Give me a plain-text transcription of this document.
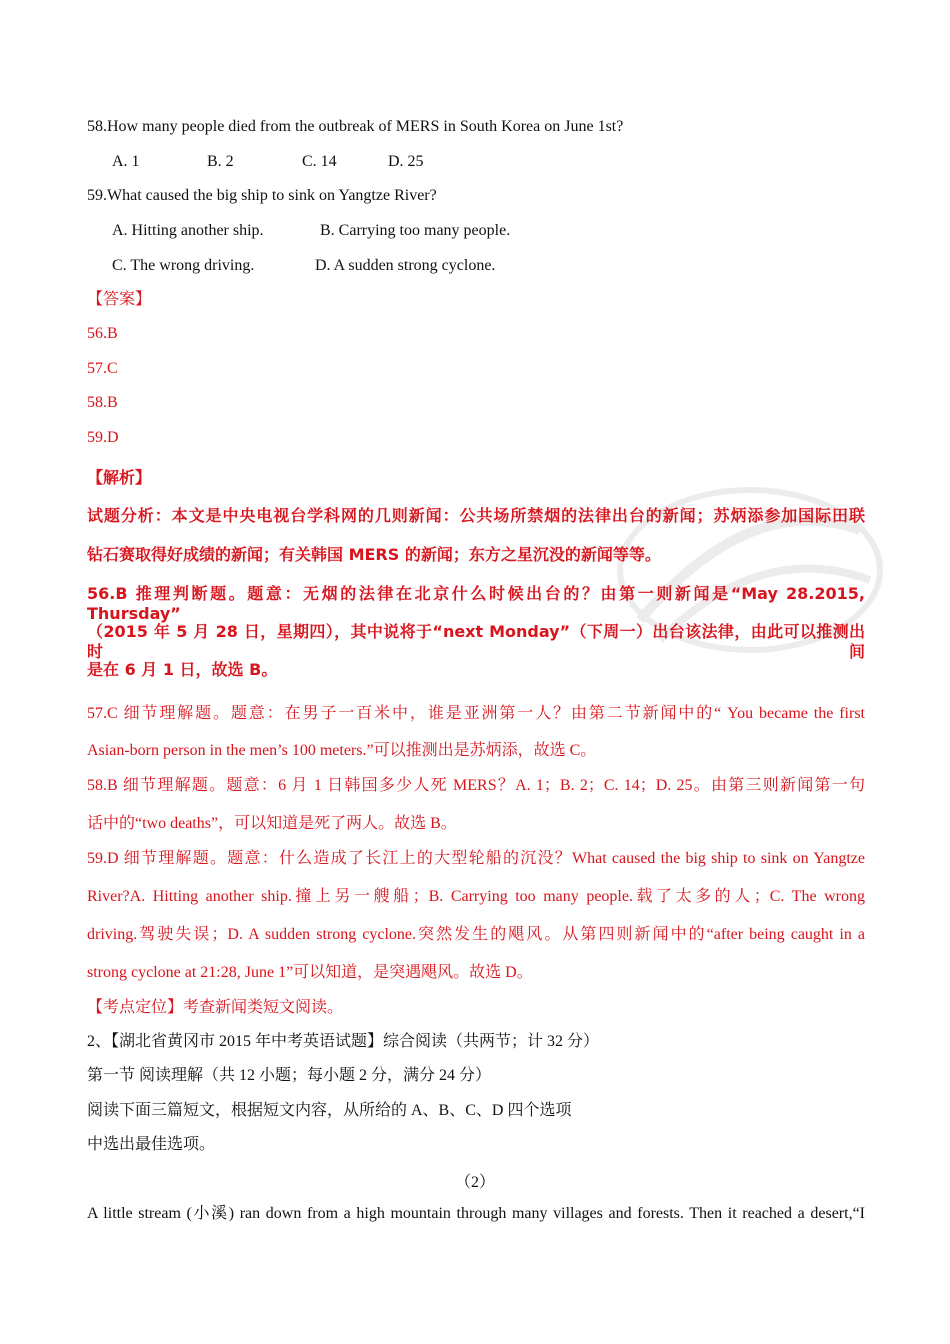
58.How many people died from the outbreak of MERS in South Korea on June 1st?
A. 1	B. 2	C. 14	D. 25
59.What caused the big ship to sink on Yangtze River?
A. Hitting another ship.	B. Carrying too many people.
C. The wrong driving.	D. A sudden strong cyclone.
【答案】
56.B
57.C
58.B
59.D
【解析】
试题分析：本文是中央电视台学科网的几则新闻：公共场所禁烟的法律出台的新闻；苏炳添参加国际田联
钻石赛取得好成绩的新闻；有关韩国 MERS 的新闻；东方之星沉没的新闻等等。
56.B 推理判断题。题意：无烟的法律在北京什么时候出台的？由第一则新闻是“May 28.2015, Thursday”
（2015 年 5 月 28 日，星期四），其中说将于“next Monday”（下周一）出台该法律，由此可以推测出时间
是在 6 月 1 日，故选 B。
57.C 细节理解题。题意：在男子一百米中，谁是亚洲第一人？由第二节新闻中的“ You became the first
Asian-born person in the men’s 100 meters.”可以推测出是苏炳添，故选 C。
58.B 细节理解题。题意：6 月 1 日韩国多少人死 MERS？A. 1；B. 2；C. 14；D. 25。由第三则新闻第一句
话中的“two deaths”，可以知道是死了两人。故选 B。
59.D 细节理解题。题意：什么造成了长江上的大型轮船的沉没？What caused the big ship to sink on Yangtze
River?A. Hitting another ship.撞上另一艘船；B. Carrying too many people.载了太多的人；C. The wrong
driving.驾驶失误；D. A sudden strong cyclone.突然发生的飓风。从第四则新闻中的“after being caught in a
strong cyclone at 21:28, June 1”可以知道，是突遇飓风。故选 D。
【考点定位】考查新闻类短文阅读。
2、【湖北省黄冈市 2015 年中考英语试题】综合阅读（共两节；计 32 分）
第一节 阅读理解（共 12 小题；每小题 2 分，满分 24 分）
阅读下面三篇短文，根据短文内容，从所给的 A、B、C、D 四个选项
中选出最佳选项。
（2）
A little stream (小溪) ran down from a high mountain through many villages and forests. Then it reached a desert,“I
